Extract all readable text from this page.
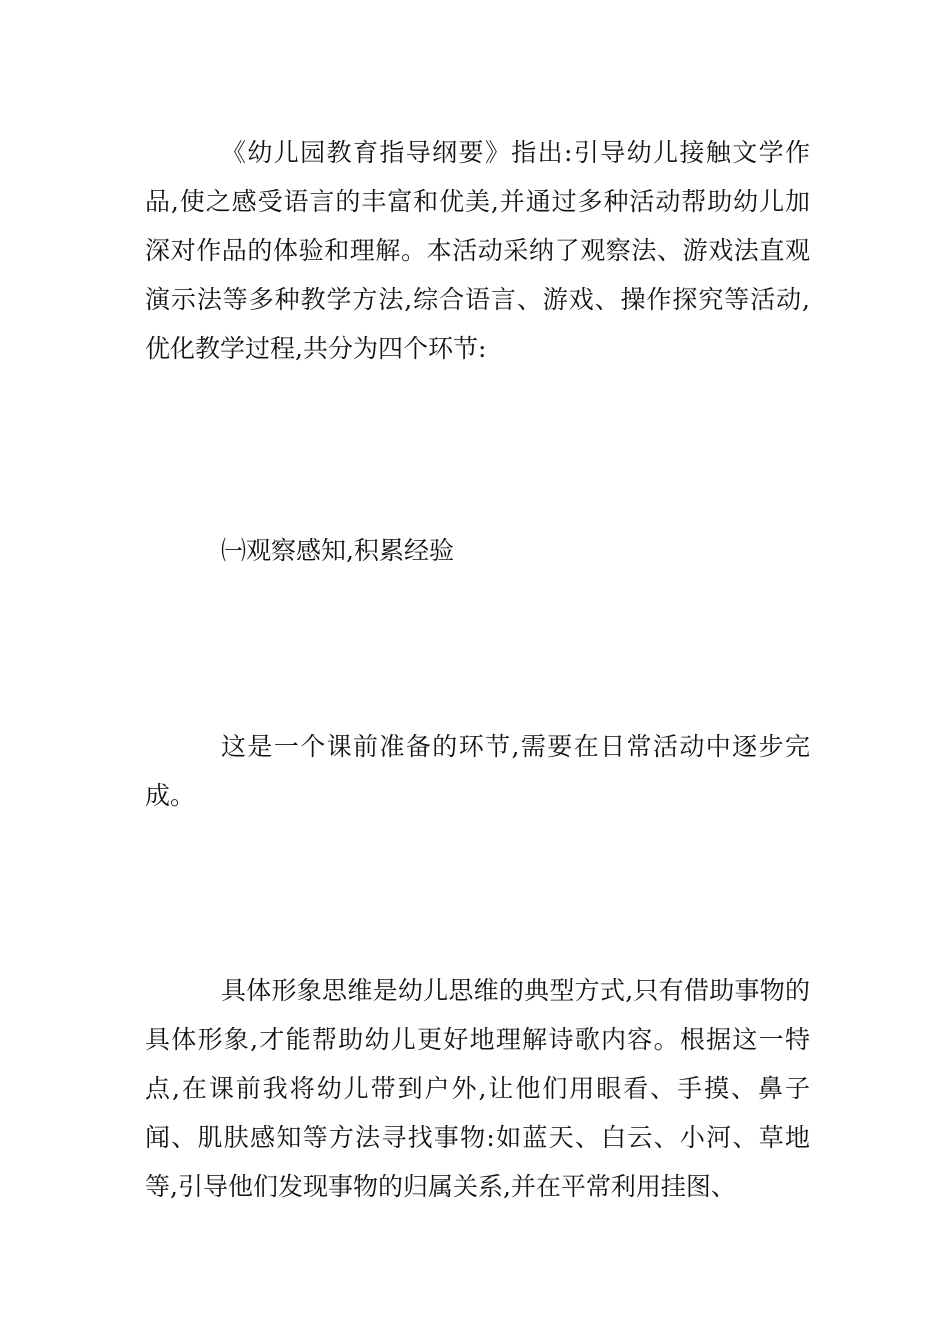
《幼儿园教育指导纲要》指出:引导幼儿接触文学作品,使之感受语言的丰富和优美,并通过多种活动帮助幼儿加深对作品的体验和理解。本活动采纳了观察法、游戏法直观演示法等多种教学方法,综合语言、游戏、操作探究等活动,优化教学过程,共分为四个环节:

㈠观察感知,积累经验

这是一个课前准备的环节,需要在日常活动中逐步完成。

具体形象思维是幼儿思维的典型方式,只有借助事物的具体形象,才能帮助幼儿更好地理解诗歌内容。根据这一特点,在课前我将幼儿带到户外,让他们用眼看、手摸、鼻子闻、肌肤感知等方法寻找事物:如蓝天、白云、小河、草地等,引导他们发现事物的归属关系,并在平常利用挂图、
